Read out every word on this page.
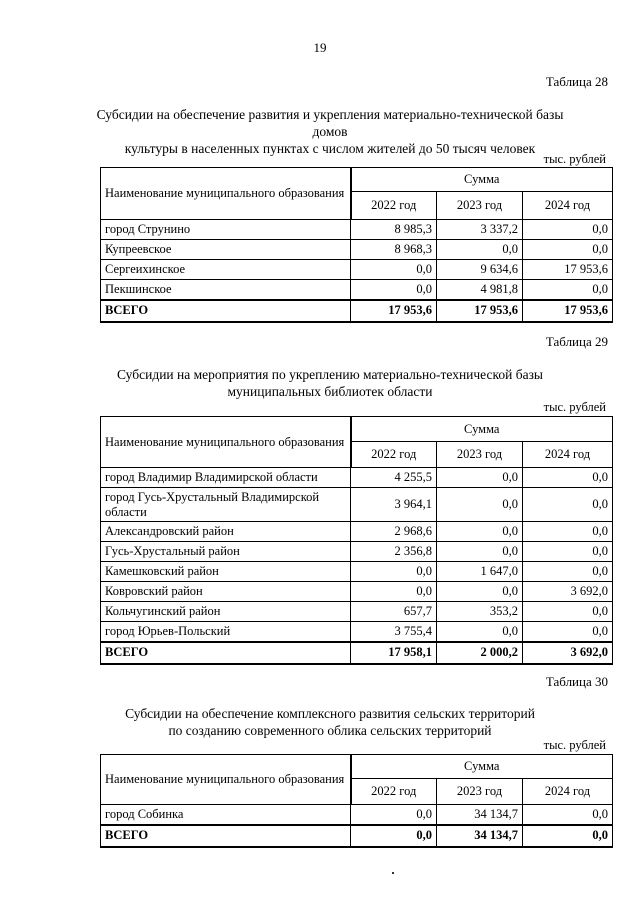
19
Таблица 28
Субсидии на обеспечение развития и укрепления материально-технической базы домов
культуры в населенных пунктах с числом жителей до 50 тысяч человек
тыс. рублей
Наименование муниципального образования	Сумма		
	2022 год	2023 год	2024 год
город Струнино	8 985,3	3 337,2	0,0
Купреевское	8 968,3	0,0	0,0
Сергеихинское	0,0	9 634,6	17 953,6
Пекшинское	0,0	4 981,8	0,0
ВСЕГО	17 953,6	17 953,6	17 953,6
Таблица 29
Субсидии на мероприятия по укреплению материально-технической базы
муниципальных библиотек области
тыс. рублей
Наименование муниципального образования	Сумма		
	2022 год	2023 год	2024 год
город Владимир Владимирской области	4 255,5	0,0	0,0
город Гусь-Хрустальный Владимирской области	3 964,1	0,0	0,0
Александровский район	2 968,6	0,0	0,0
Гусь-Хрустальный район	2 356,8	0,0	0,0
Камешковский район	0,0	1 647,0	0,0
Ковровский район	0,0	0,0	3 692,0
Кольчугинский район	657,7	353,2	0,0
город Юрьев-Польский	3 755,4	0,0	0,0
ВСЕГО	17 958,1	2 000,2	3 692,0
Таблица 30
Субсидии на обеспечение комплексного развития сельских территорий
по созданию современного облика сельских территорий
тыс. рублей
Наименование муниципального образования	Сумма		
	2022 год	2023 год	2024 год
город Собинка	0,0	34 134,7	0,0
ВСЕГО	0,0	34 134,7	0,0
